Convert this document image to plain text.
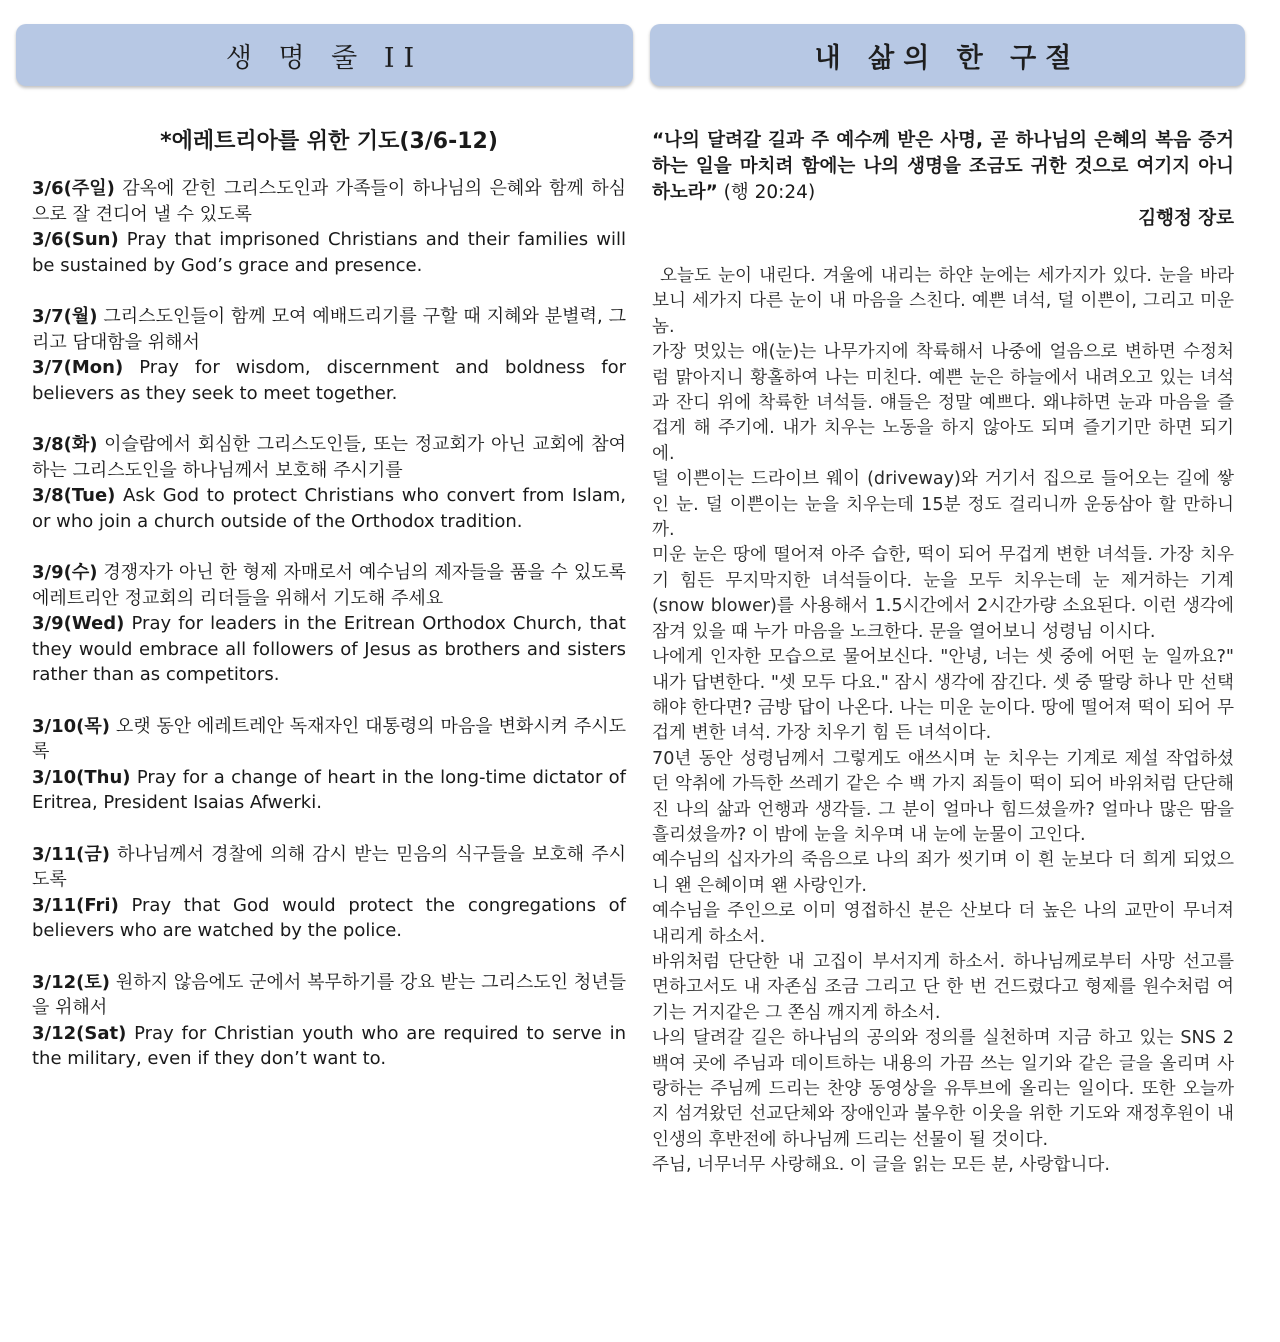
생 명 줄 II	내 삶의 한 구절
*에레트리아를 위한 기도(3/6-12)

3/6(주일) 감옥에 갇힌 그리스도인과 가족들이 하나님의 은혜와 함께 하심으로 잘 견디어 낼 수 있도록

3/6(Sun) Pray that imprisoned Christians and their families will be sustained by God’s grace and presence.

3/7(월) 그리스도인들이 함께 모여 예배드리기를 구할 때 지혜와 분별력, 그리고 담대함을 위해서

3/7(Mon) Pray for wisdom, discernment and boldness for believers as they seek to meet together.

3/8(화) 이슬람에서 회심한 그리스도인들, 또는 정교회가 아닌 교회에 참여하는 그리스도인을 하나님께서 보호해 주시기를

3/8(Tue) Ask God to protect Christians who convert from Islam, or who join a church outside of the Orthodox tradition.

3/9(수) 경쟁자가 아닌 한 형제 자매로서 예수님의 제자들을 품을 수 있도록 에레트리안 정교회의 리더들을 위해서 기도해 주세요

3/9(Wed) Pray for leaders in the Eritrean Orthodox Church, that they would embrace all followers of Jesus as brothers and sisters rather than as competitors.

3/10(목) 오랫 동안 에레트레안 독재자인 대통령의 마음을 변화시켜 주시도록

3/10(Thu) Pray for a change of heart in the long-time dictator of Eritrea, President Isaias Afwerki.

3/11(금) 하나님께서 경찰에 의해 감시 받는 믿음의 식구들을 보호해 주시도록

3/11(Fri) Pray that God would protect the congregations of believers who are watched by the police.

3/12(토) 원하지 않음에도 군에서 복무하기를 강요 받는 그리스도인 청년들을 위해서

3/12(Sat) Pray for Christian youth who are required to serve in the military, even if they don’t want to.

“나의 달려갈 길과 주 예수께 받은 사명, 곧 하나님의 은혜의 복음 증거하는 일을 마치려 함에는 나의 생명을 조금도 귀한 것으로 여기지 아니 하노라” (행 20:24)

김행정 장로

오늘도 눈이 내린다. 겨울에 내리는 하얀 눈에는 세가지가 있다. 눈을 바라보니 세가지 다른 눈이 내 마음을 스친다. 예쁜 녀석, 덜 이쁜이, 그리고 미운 놈.

가장 멋있는 애(눈)는 나무가지에 착륙해서 나중에 얼음으로 변하면 수정처럼 맑아지니 황홀하여 나는 미친다. 예쁜 눈은 하늘에서 내려오고 있는 녀석과 잔디 위에 착륙한 녀석들. 얘들은 정말 예쁘다. 왜냐하면 눈과 마음을 즐겁게 해 주기에. 내가 치우는 노동을 하지 않아도 되며 즐기기만 하면 되기에.

덜 이쁜이는 드라이브 웨이 (driveway)와 거기서 집으로 들어오는 길에 쌓인 눈. 덜 이쁜이는 눈을 치우는데 15분 정도 걸리니까 운동삼아 할 만하니까.

미운 눈은 땅에 떨어져 아주 습한, 떡이 되어 무겁게 변한 녀석들. 가장 치우기 힘든 무지막지한 녀석들이다. 눈을 모두 치우는데 눈 제거하는 기계 (snow blower)를 사용해서 1.5시간에서 2시간가량 소요된다. 이런 생각에 잠겨 있을 때 누가 마음을 노크한다. 문을 열어보니 성령님 이시다.

나에게 인자한 모습으로 물어보신다. "안녕, 너는 셋 중에 어떤 눈 일까요?" 내가 답변한다. "셋 모두 다요." 잠시 생각에 잠긴다. 셋 중 딸랑 하나 만 선택해야 한다면? 금방 답이 나온다. 나는 미운 눈이다. 땅에 떨어져 떡이 되어 무겁게 변한 녀석. 가장 치우기 힘 든 녀석이다.

70년 동안 성령님께서 그렇게도 애쓰시며 눈 치우는 기계로 제설 작업하셨던 악취에 가득한 쓰레기 같은 수 백 가지 죄들이 떡이 되어 바위처럼 단단해 진 나의 삶과 언행과 생각들. 그 분이 얼마나 힘드셨을까? 얼마나 많은 땀을 흘리셨을까? 이 밤에 눈을 치우며 내 눈에 눈물이 고인다.

예수님의 십자가의 죽음으로 나의 죄가 씻기며 이 흰 눈보다 더 희게 되었으니 왠 은혜이며 왠 사랑인가.

예수님을 주인으로 이미 영접하신 분은 산보다 더 높은 나의 교만이 무너져 내리게 하소서.

바위처럼 단단한 내 고집이 부서지게 하소서. 하나님께로부터 사망 선고를 면하고서도 내 자존심 조금 그리고 단 한 번 건드렸다고 형제를 원수처럼 여기는 거지같은 그 쫀심 깨지게 하소서.

나의 달려갈 길은 하나님의 공의와 정의를 실천하며 지금 하고 있는 SNS 2백여 곳에 주님과 데이트하는 내용의 가끔 쓰는 일기와 같은 글을 올리며 사랑하는 주님께 드리는 찬양 동영상을 유투브에 올리는 일이다. 또한 오늘까지 섬겨왔던 선교단체와 장애인과 불우한 이웃을 위한 기도와 재정후원이 내 인생의 후반전에 하나님께 드리는 선물이 될 것이다.

주님, 너무너무 사랑해요. 이 글을 읽는 모든 분, 사랑합니다.
